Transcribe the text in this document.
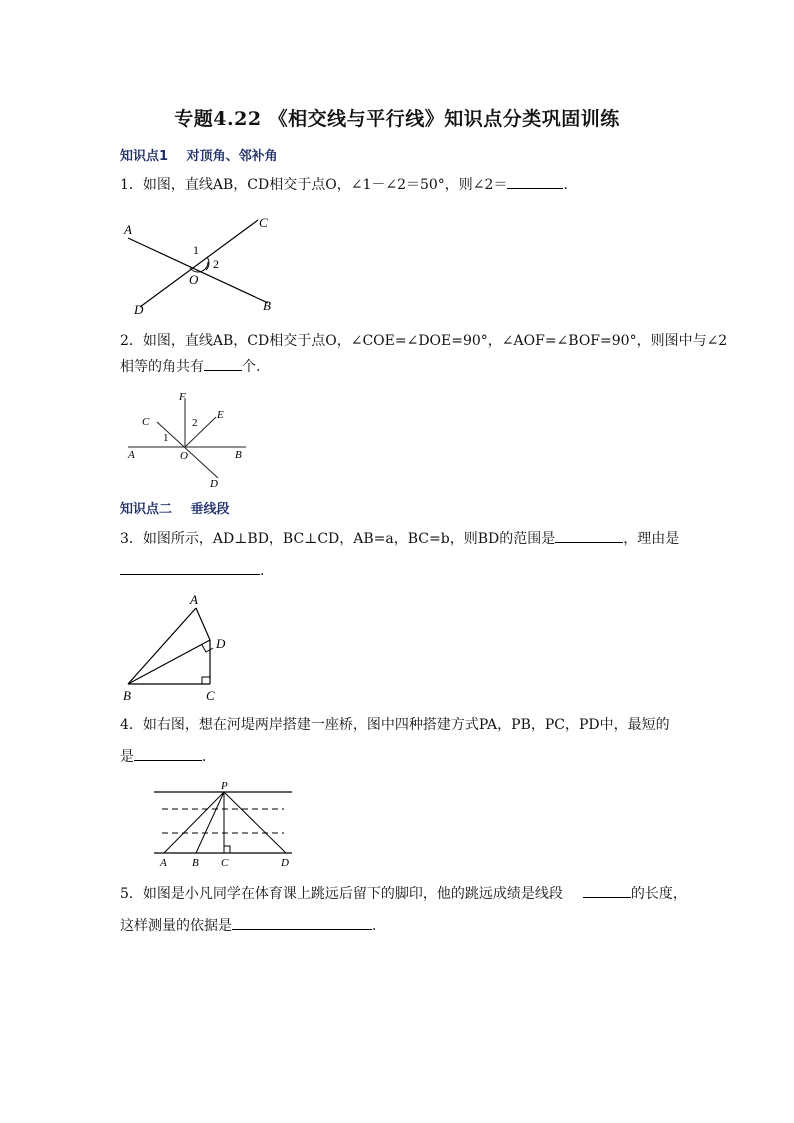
专题4.22 《相交线与平行线》知识点分类巩固训练
知识点1 对顶角、邻补角
1．如图，直线AB，CD相交于点O，∠1－∠2＝50°，则∠2＝	．
A	C
1
2
O
D	B
2．如图，直线AB，CD相交于点O，∠COE=∠DOE=90°，∠AOF=∠BOF=90°，则图中与∠2
相等的角共有	个.
F
C
E
1
2
A	O	B
D
知识点二 垂线段
3．如图所示，AD⊥BD，BC⊥CD，AB=a，BC=b，则BD的范围是	，理由是
.
A
D
B	C
4．如右图，想在河堤两岸搭建一座桥，图中四种搭建方式PA，PB，PC，PD中，最短的
是	．
P
A B C	D
5．如图是小凡同学在体育课上跳远后留下的脚印，他的跳远成绩是线段	的长度，
这样测量的依据是	．
